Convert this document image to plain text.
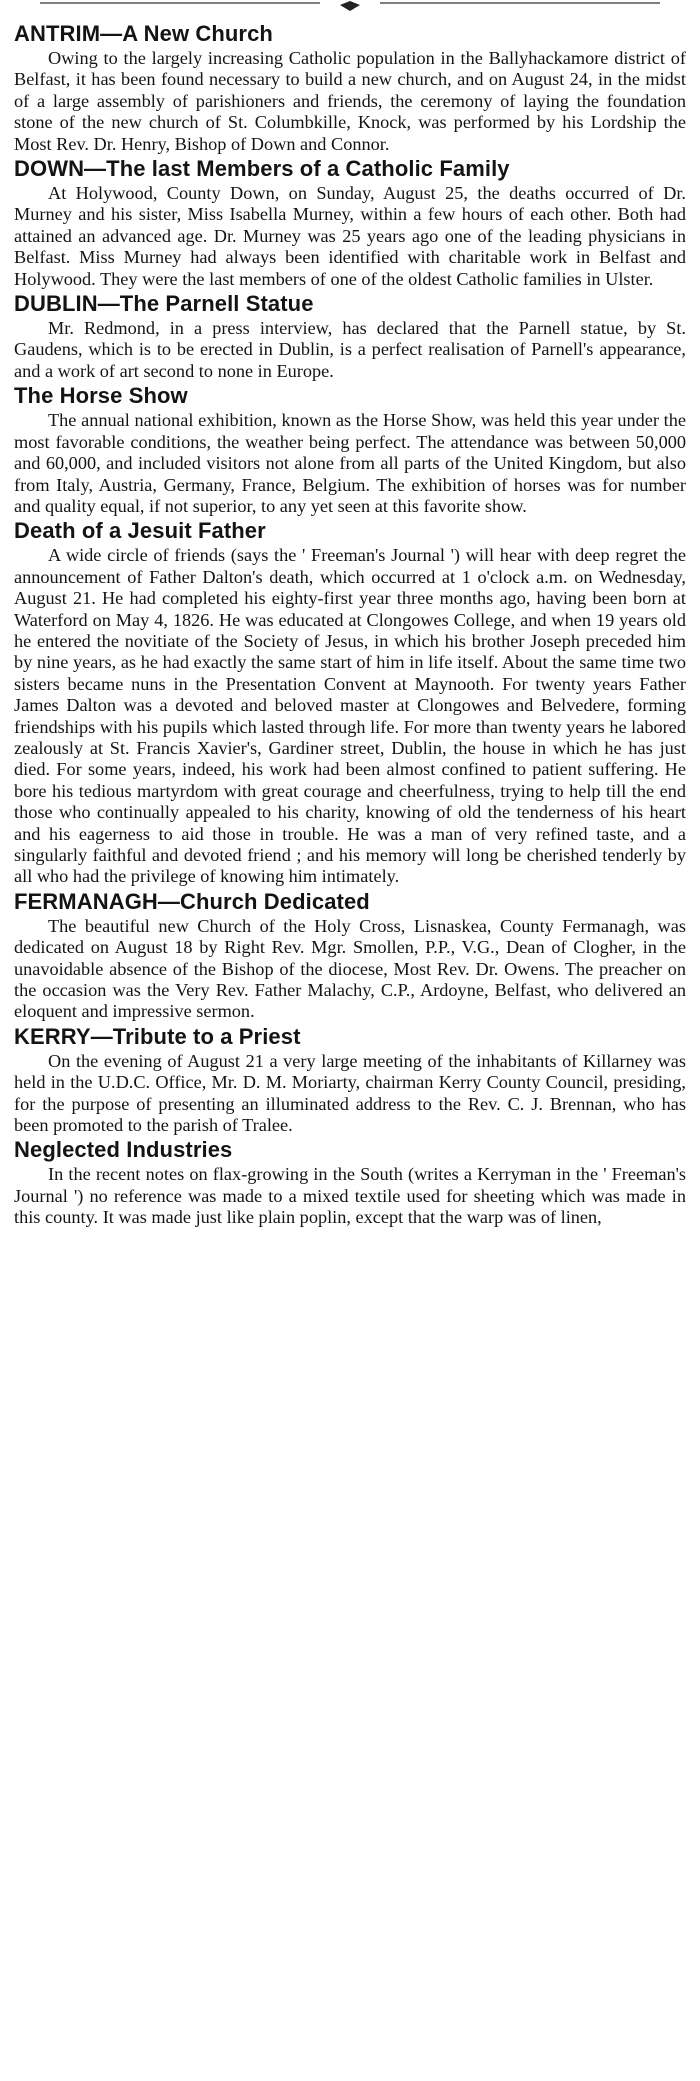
ANTRIM—A New Church

Owing to the largely increasing Catholic population in the Ballyhackamore district of Belfast, it has been found necessary to build a new church, and on August 24, in the midst of a large assembly of parishioners and friends, the ceremony of laying the foundation stone of the new church of St. Columbkille, Knock, was performed by his Lordship the Most Rev. Dr. Henry, Bishop of Down and Connor.

DOWN—The last Members of a Catholic Family

At Holywood, County Down, on Sunday, August 25, the deaths occurred of Dr. Murney and his sister, Miss Isabella Murney, within a few hours of each other. Both had attained an advanced age. Dr. Murney was 25 years ago one of the leading physicians in Belfast. Miss Murney had always been identified with charitable work in Belfast and Holywood. They were the last members of one of the oldest Catholic families in Ulster.

DUBLIN—The Parnell Statue

Mr. Redmond, in a press interview, has declared that the Parnell statue, by St. Gaudens, which is to be erected in Dublin, is a perfect realisation of Parnell's appearance, and a work of art second to none in Europe.

The Horse Show

The annual national exhibition, known as the Horse Show, was held this year under the most favorable conditions, the weather being perfect. The attendance was between 50,000 and 60,000, and included visitors not alone from all parts of the United Kingdom, but also from Italy, Austria, Germany, France, Belgium. The exhibition of horses was for number and quality equal, if not superior, to any yet seen at this favorite show.

Death of a Jesuit Father

A wide circle of friends (says the ' Freeman's Journal ') will hear with deep regret the announcement of Father Dalton's death, which occurred at 1 o'clock a.m. on Wednesday, August 21. He had completed his eighty-first year three months ago, having been born at Waterford on May 4, 1826. He was educated at Clongowes College, and when 19 years old he entered the novitiate of the Society of Jesus, in which his brother Joseph preceded him by nine years, as he had exactly the same start of him in life itself. About the same time two sisters became nuns in the Presentation Convent at Maynooth. For twenty years Father James Dalton was a devoted and beloved master at Clongowes and Belvedere, forming friendships with his pupils which lasted through life. For more than twenty years he labored zealously at St. Francis Xavier's, Gardiner street, Dublin, the house in which he has just died. For some years, indeed, his work had been almost confined to patient suffering. He bore his tedious martyrdom with great courage and cheerfulness, trying to help till the end those who continually appealed to his charity, knowing of old the tenderness of his heart and his eagerness to aid those in trouble. He was a man of very refined taste, and a singularly faithful and devoted friend ; and his memory will long be cherished tenderly by all who had the privilege of knowing him intimately.

FERMANAGH—Church Dedicated

The beautiful new Church of the Holy Cross, Lisnaskea, County Fermanagh, was dedicated on August 18 by Right Rev. Mgr. Smollen, P.P., V.G., Dean of Clogher, in the unavoidable absence of the Bishop of the diocese, Most Rev. Dr. Owens. The preacher on the occasion was the Very Rev. Father Malachy, C.P., Ardoyne, Belfast, who delivered an eloquent and impressive sermon.

KERRY—Tribute to a Priest

On the evening of August 21 a very large meeting of the inhabitants of Killarney was held in the U.D.C. Office, Mr. D. M. Moriarty, chairman Kerry County Council, presiding, for the purpose of presenting an illuminated address to the Rev. C. J. Brennan, who has been promoted to the parish of Tralee.

Neglected Industries

In the recent notes on flax-growing in the South (writes a Kerryman in the ' Freeman's Journal ') no reference was made to a mixed textile used for sheeting which was made in this county. It was made just like plain poplin, except that the warp was of linen,
